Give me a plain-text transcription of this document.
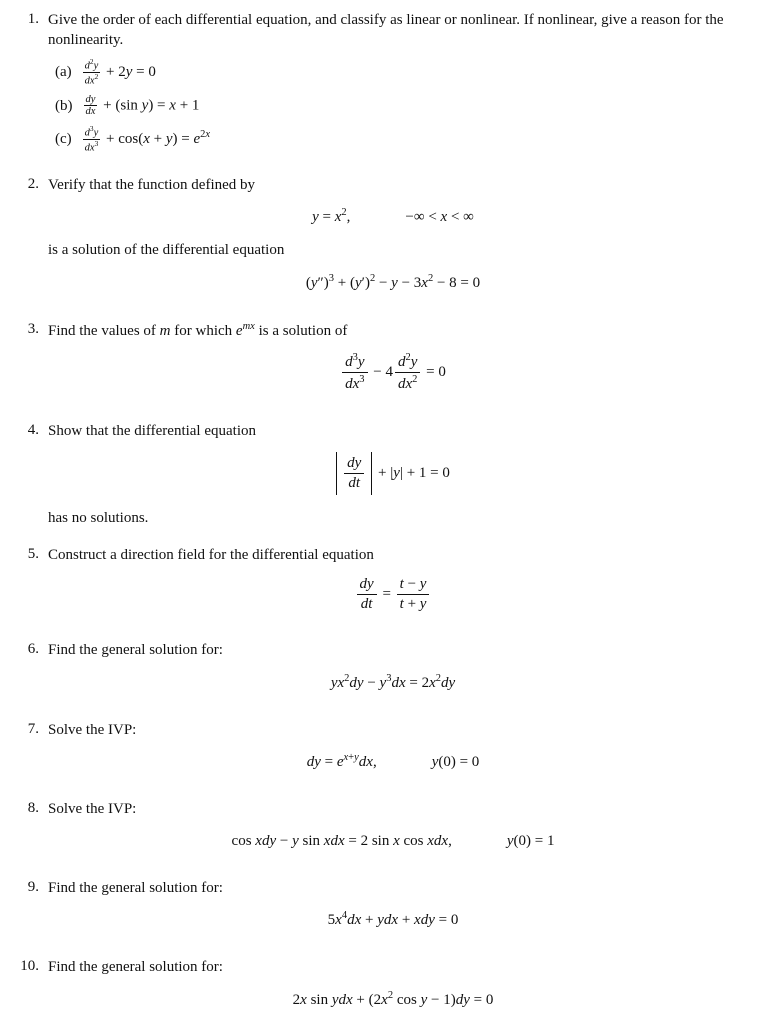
1. Give the order of each differential equation, and classify as linear or nonlinear. If nonlinear, give a reason for the nonlinearity.
$(a) \frac{d^2y}{dx^2} + 2y = 0$
$(b) \frac{dy}{dx} + (\sin$ y) = x + 1
$(c) \frac{d^3y}{dx^3} + \cos(x + y) = e^{2x}$
2. Verify that the function defined by
$y = x^2$,	−∞ < x < ∞
is a solution of the differential equation
$(y'')^3 + (y')^2 - y - 3x^2 - 8 = 0$
3. Find the values of m for which $e^{mx}$ is a solution of
$\frac{d^3y}{dx^3} - 4 \frac{d^2y}{dx^2} = 0$
4. Show that the differential equation
$\frac{dy}{dt} + |y| + 1 = 0$
has no solutions.
5. Construct a direction field for the differential equation
$\frac{dy}{dt} = \frac{t - y}{t + y}$
6. Find the general solution for:
$yx^2dy - y^3dx = 2x^2dy$
7. Solve the IVP:
dy = $e^{x+y}dx$,	y(0) = 0
8. Solve the IVP:
cos xdy − y sin xdx = 2 sin x cos xdx,	y(0) = 1
9. Find the general solution for:
$5x^4dx$ + ydx + xdy = 0
10. Find the general solution for:
2x sin ydx + ($2x^2$ cos y − 1)dy = 0
